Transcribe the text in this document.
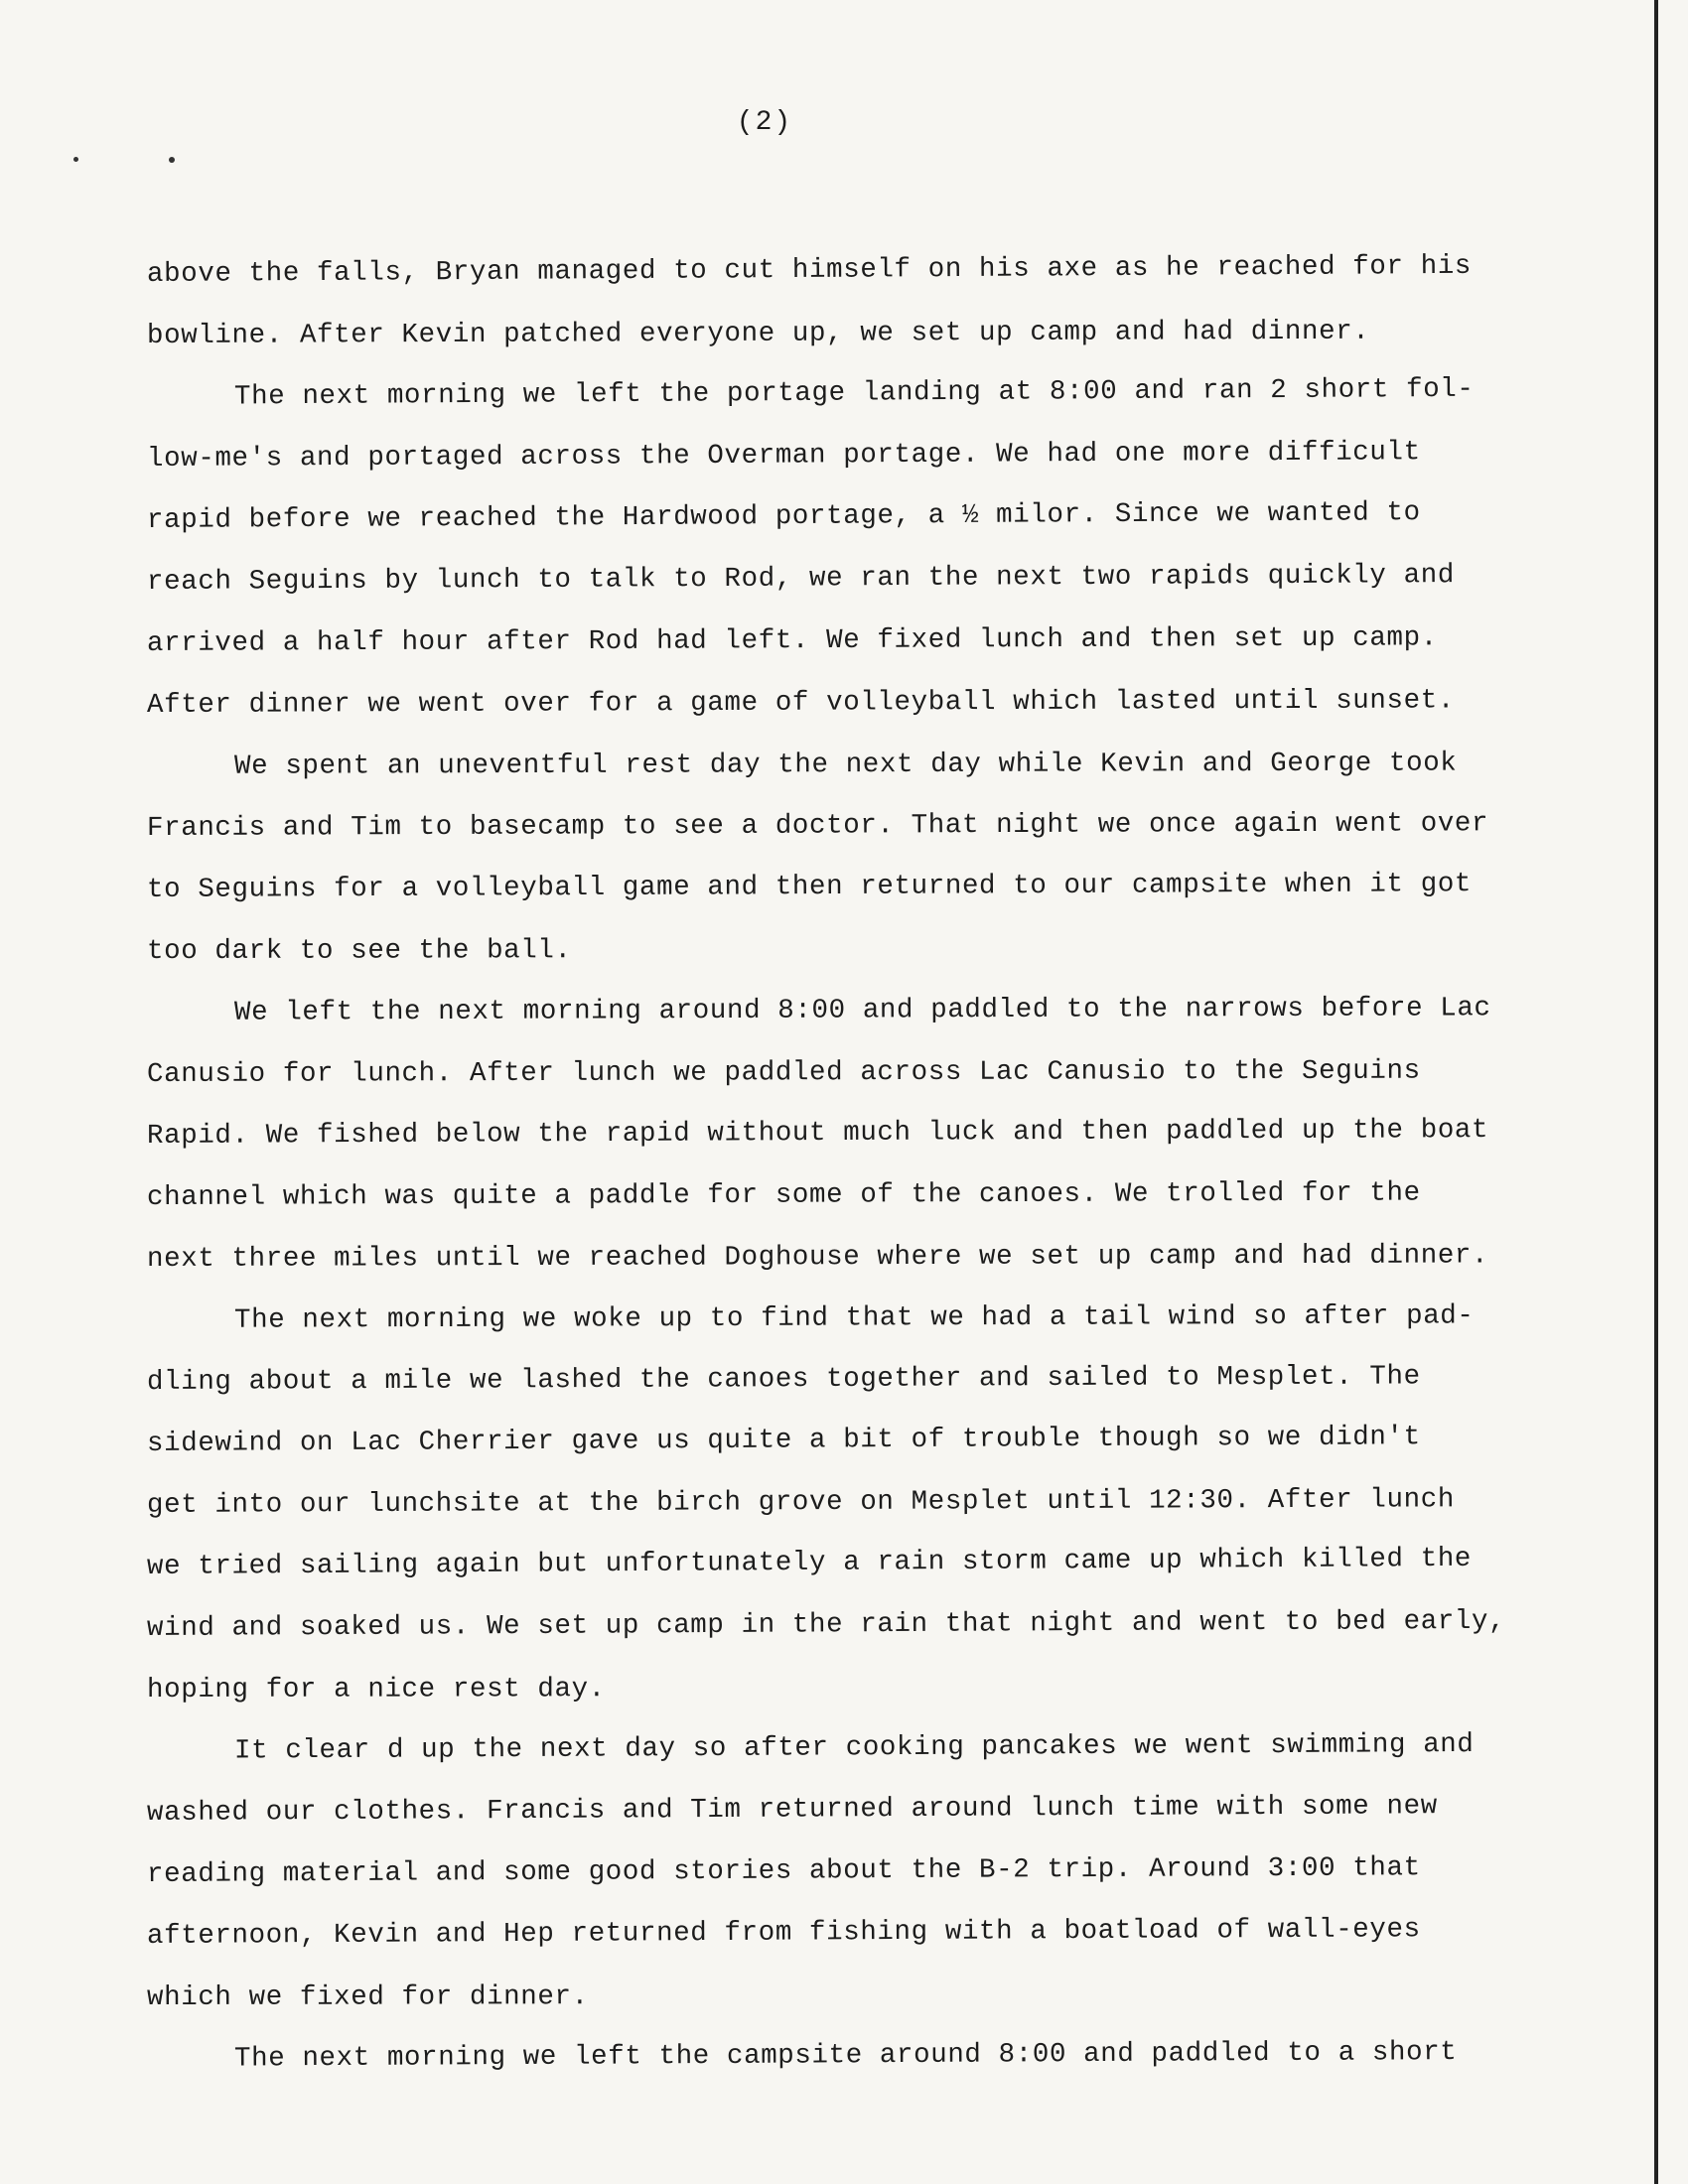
(2)
above the falls, Bryan managed to cut himself on his axe as he reached for his
bowline. After Kevin patched everyone up, we set up camp and had dinner.
The next morning we left the portage landing at 8:00 and ran 2 short fol-
low-me's and portaged across the Overman portage. We had one more difficult
rapid before we reached the Hardwood portage, a ½ milor. Since we wanted to
reach Seguins by lunch to talk to Rod, we ran the next two rapids quickly and
arrived a half hour after Rod had left. We fixed lunch and then set up camp.
After dinner we went over for a game of volleyball which lasted until sunset.
We spent an uneventful rest day the next day while Kevin and George took
Francis and Tim to basecamp to see a doctor. That night we once again went over
to Seguins for a volleyball game and then returned to our campsite when it got
too dark to see the ball.
We left the next morning around 8:00 and paddled to the narrows before Lac
Canusio for lunch. After lunch we paddled across Lac Canusio to the Seguins
Rapid. We fished below the rapid without much luck and then paddled up the boat
channel which was quite a paddle for some of the canoes. We trolled for the
next three miles until we reached Doghouse where we set up camp and had dinner.
The next morning we woke up to find that we had a tail wind so after pad-
dling about a mile we lashed the canoes together and sailed to Mesplet. The
sidewind on Lac Cherrier gave us quite a bit of trouble though so we didn't
get into our lunchsite at the birch grove on Mesplet until 12:30. After lunch
we tried sailing again but unfortunately a rain storm came up which killed the
wind and soaked us. We set up camp in the rain that night and went to bed early,
hoping for a nice rest day.
It clear d up the next day so after cooking pancakes we went swimming and
washed our clothes. Francis and Tim returned around lunch time with some new
reading material and some good stories about the B-2 trip. Around 3:00 that
afternoon, Kevin and Hep returned from fishing with a boatload of wall-eyes
which we fixed for dinner.
The next morning we left the campsite around 8:00 and paddled to a short
